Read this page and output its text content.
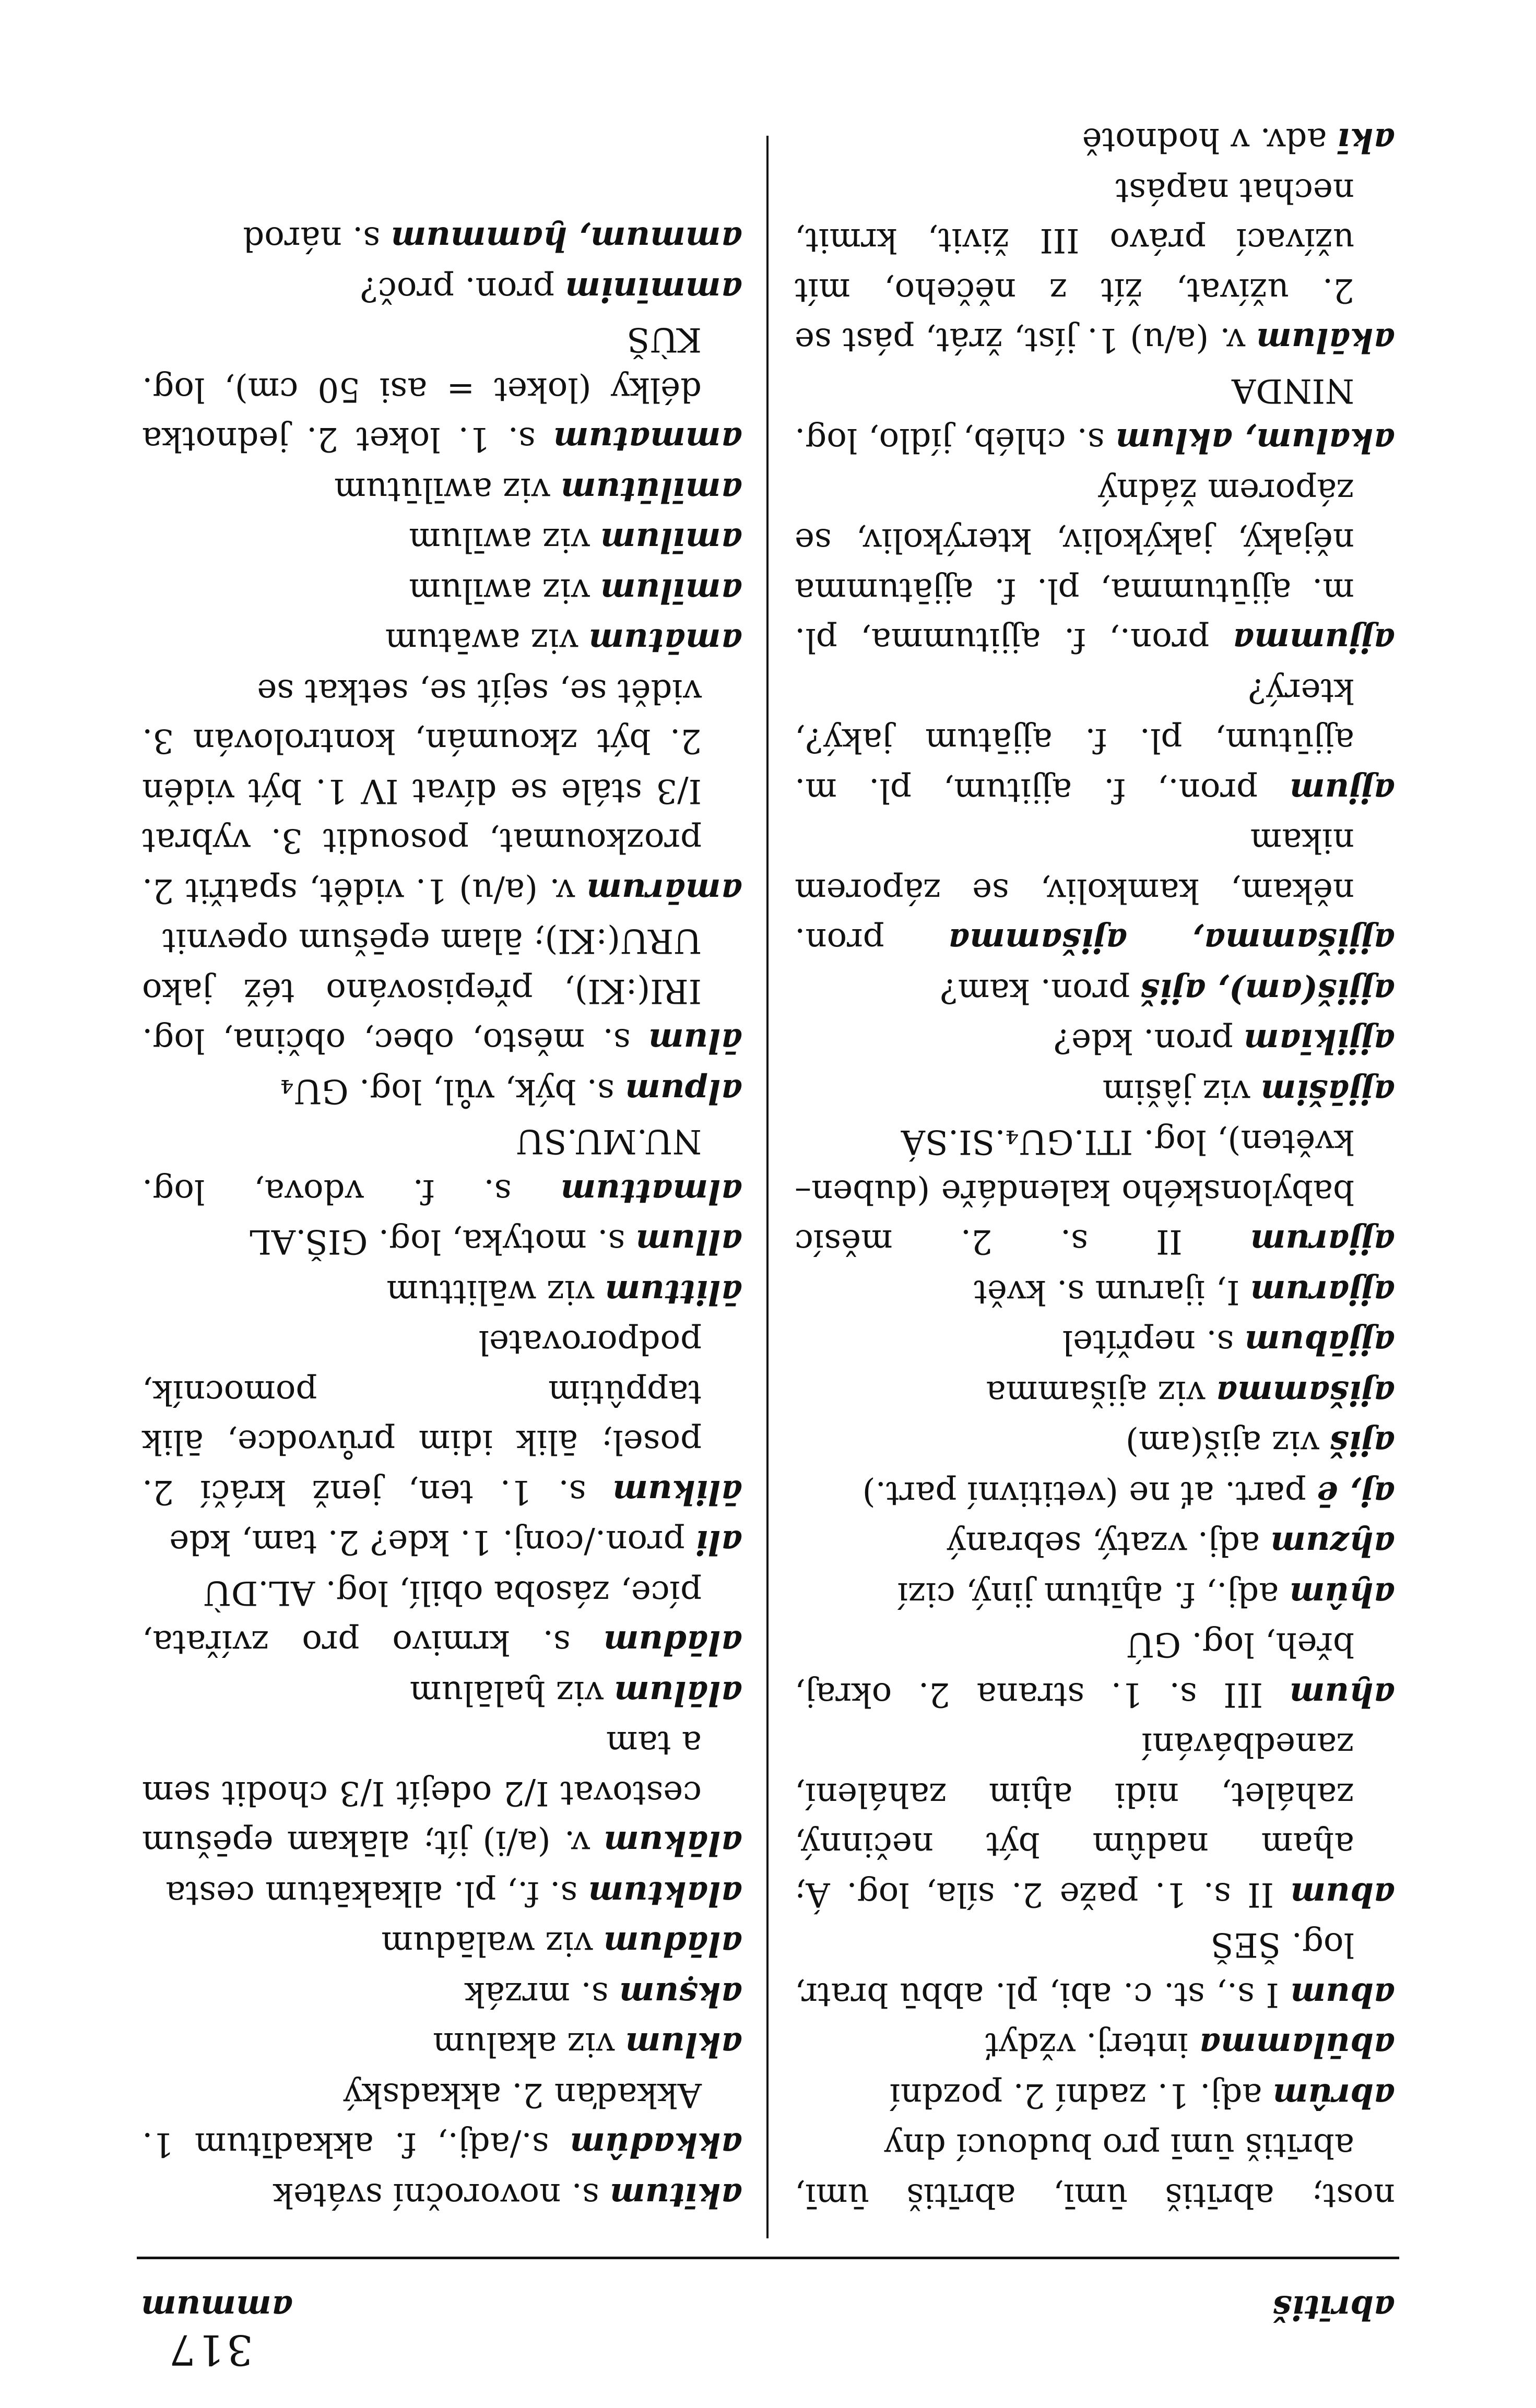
317
abrītiš
ammum

nost; abrītiš ūmī, abrītiš ūmī, abrītiš ūmī pro budoucí dny

abrûm adj. 1. zadní 2. pozdní

abūlamma interj. vždyť

abum I s., st. c. abi, pl. abbū bratr, log. ŠEŠ

abum II s. 1. paže 2. síla, log. Á; aḫam nadûm být nečinný, zahálet, nidi aḫim zahálení, zanedbávání

aḫum III s. 1. strana 2. okraj, břeh, log. GÚ

aḫûm adj., f. aḫītum jiný, cizí

aḫzum adj. vzatý, sebraný

aj, ē part. ať ne (vetitivní part.)

ajiš viz ajiš(am)

ajišamma viz ajišamma

ajjābum s. nepřítel

ajjarum I, ijarum s. květ

ajjarum II s. 2. měsíc babylonského kalendáře (duben–květen), log. ITI.GU₄.SI.SÁ

ajjāšim viz jâšim

ajjikīam pron. kde?

ajjiš(am), ajiš pron. kam?

ajjišamma, ajišamma pron. někam, kamkoliv, se záporem nikam

ajjum pron., f. ajjitum, pl. m. ajjūtum, pl. f. ajjātum jaký?, který?

ajjumma pron., f. ajjitumma, pl. m. ajjūtumma, pl. f. ajjātumma nějaký, jakýkoliv, kterýkoliv, se záporem žádný

akalum, aklum s. chléb, jídlo, log. NINDA

akālum v. (a/u) 1. jíst, žrát, pást se 2. užívat, žít z něčeho, mít užívací právo III živit, krmit, nechat napást

akī adv. v hodnotě

akītum s. novoroční svátek

akkadûm s./adj., f. akkadītum 1. Akkaďan 2. akkadský

aklum viz akalum

akṣum s. mrzák

alādum viz walādum

alaktum s. f., pl. alkakātum cesta

alākum v. (a/i) jít; alākam epēšum cestovat I/2 odejít I/3 chodit sem a tam

alālum viz ḫalālum

alādum s. krmivo pro zvířata, píce, zásoba obilí, log. AL.DÙ

ali pron./conj. 1. kde? 2. tam, kde

ālikum s. 1. ten, jenž kráčí 2. posel; ālik idim průvodce, ālik tappûtim pomocník, podporovatel

ālittum viz wālittum

allum s. motyka, log. GIŠ.AL

almattum s. f. vdova, log. NU.MU.SU

alpum s. býk, vůl, log. GU₄

ālum s. město, obec, občina, log. IRI(:KI), přepisováno též jako URU(:KI); ālam epēšum opevnit

amārum v. (a/u) 1. vidět, spatřit 2. prozkoumat, posoudit 3. vybrat I/3 stále se dívat IV 1. být viděn 2. být zkoumán, kontrolován 3. vidět se, sejít se, setkat se

amātum viz awātum

amīlum viz awīlum

amīlum viz awīlum

amīlūtum viz awīlūtum

ammatum s. 1. loket 2. jednotka délky (loket = asi 50 cm), log. KÙŠ

ammīnim pron. proč?

ammum, ḫammum s. národ
